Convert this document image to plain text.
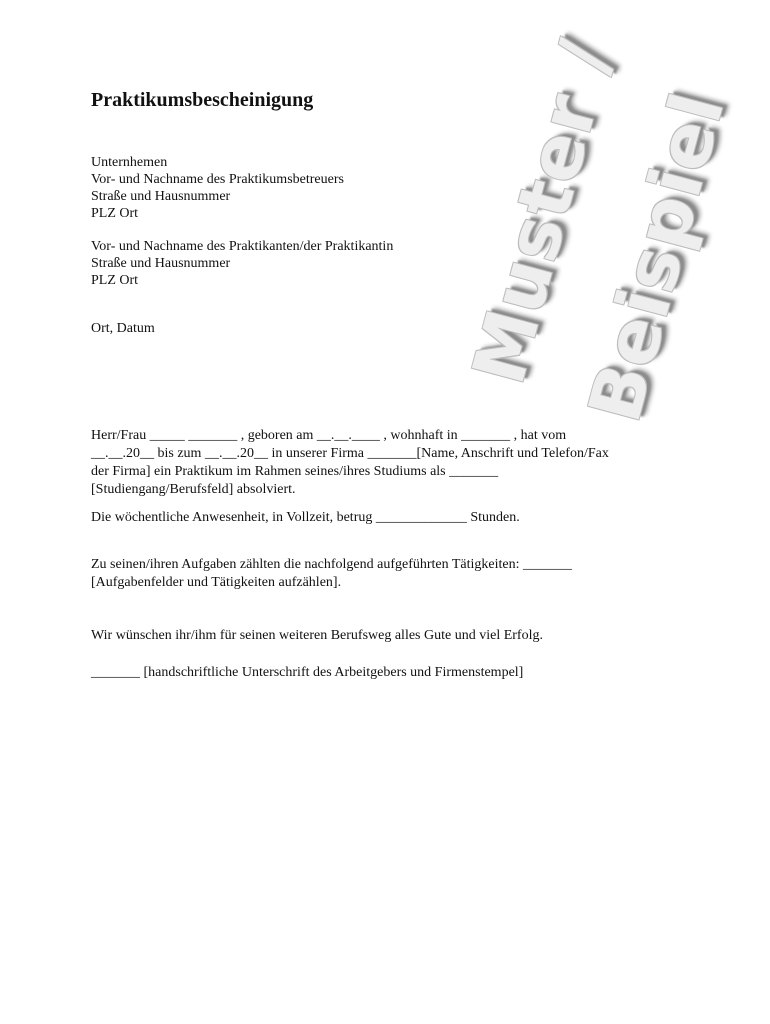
Praktikumsbescheinigung
Unternhemen
Vor- und Nachname des Praktikumsbetreuers
Straße und Hausnummer
PLZ Ort
Vor- und Nachname des Praktikanten/der Praktikantin
Straße und Hausnummer
PLZ Ort
Ort, Datum
Herr/Frau _____ _______ , geboren am __.__.____ , wohnhaft in _______ , hat vom
__.__.20__ bis zum __.__.20__ in unserer Firma _______[Name, Anschrift und Telefon/Fax
der Firma] ein Praktikum im Rahmen seines/ihres Studiums als _______
[Studiengang/Berufsfeld] absolviert.
Die wöchentliche Anwesenheit, in Vollzeit, betrug _____________ Stunden.
Zu seinen/ihren Aufgaben zählten die nachfolgend aufgeführten Tätigkeiten: _______
[Aufgabenfelder und Tätigkeiten aufzählen].
Wir wünschen ihr/ihm für seinen weiteren Berufsweg alles Gute und viel Erfolg.
_______ [handschriftliche Unterschrift des Arbeitgebers und Firmenstempel]
Muster /
Beispiel
